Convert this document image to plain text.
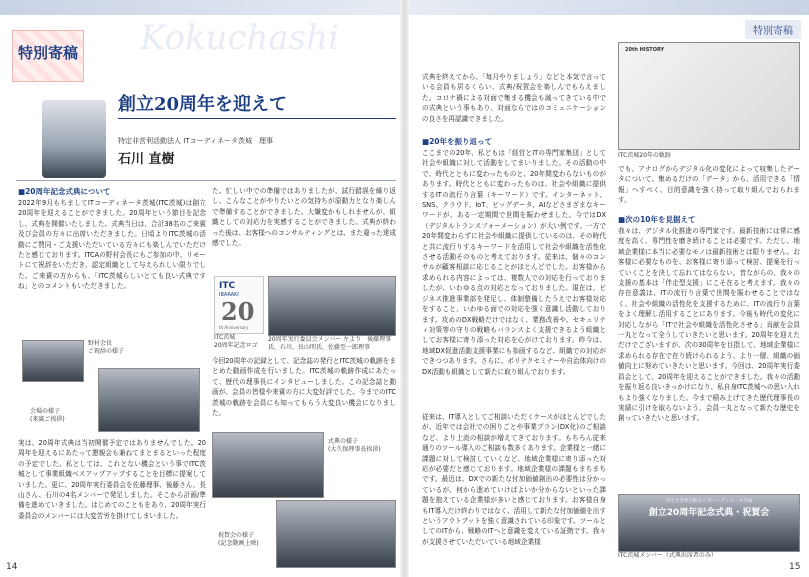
Kokuchashi
特別寄稿
特別寄稿
創立20周年を迎えて
特定非営利活動法人 ITコーディネータ茨城　理事
石川 直樹
■20周年記念式典について
2022年9月もちましてITコーディネータ茨城(ITC茨城)は創立20周年を迎えることができました。20周年という節目を記念し、式典を開催いたしました。式典当日は、合計38名のご来賓及び会員の方々に出席いただきました。日頃よりITC茨城の活動にご賛同・ご支援いただいている方々にも楽しんでいただけたと感じております。ITCAの野村会長にもご参加の中、リモートにて祝辞をいただき、認定組織として与えられしい限りでした。ご来賓の方からも、「ITC茨城らしいとても良い式典ですね」とのコメントもいただきました。
野村会長
ご祝辞の様子
会場の様子
(来賓ご挨拶)
実は、20周年式典は当初開催予定ではありませんでした。20周年を迎えるにあたって懇親会も兼ねてまとまるといった程度の予定でした。私としては、これとない機会という事でITC茨城として事業組織ベスアップアップすることを目標に提案していました。更に、20周年実行委員会を佐藤理事、後藤さん、長山さん、石川の4名メンバーで発足しました。そこから計画/準備を進めていきました。はじめてのこともをあり、20周年実行委員会のメンバーには大変苦労を掛けてしまいました。
た。忙しい中での準備ではありましたが、試行錯誤を繰り返し、こんなことがやりたいとの気持ちが原動力となり楽しんで準備することができました。大嫌変かもしれませんが、組織としての対応力を実感することができました。式典が終わった後は、お客様へのコンサルティングとは、また違った達成感でした。
ITC
IBARAKI
20
th Anniversary
ITC茨城
20周年記念ロゴ
20周年実行委員会メンバー 左より　後藤理事氏、石川、長山明氏、佐藤至一郎理事
今回20周年の記録として、記念誌の発行とITC茨城の軌跡をまとめた動画作成を行いました。ITC茨城の軌跡作成にあたって、歴代の理事長にインタビューしました。この記念誌と動画が、会員の皆様や来賓の方に大変好評でした。今までのITC茨城の軌跡を会員にも知ってもらう大変良い機会になりました。
式典の様子
(大久保理事長挨拶)
祝賀会の様子
(記念動画上映)
14
式典を終えてから、「毎月やりましょう」などと本気で言っている会員も居るくらい、式典/祝賀会を楽しんでもらえました。コロナ禍による対面で集まる機会も減ってきている中での式典という事もあり、対面ならではのコミュニケーションの良さを再認識できました。
■20年を振り返って
ここまでの20年、私どもは「経営とITの専門家集団」として社会や組織に対して活動をしてまいりました。その活動の中で、時代とともに変わったものと、20年間変わらないものがあります。時代とともに変わったものは、社会や組織に提供するITの流行り言葉（キーワード）です。インターネット、SNS、クラウド、IoT、ビッグデータ、AIなどさまざまなキーワードが、ある一定期間で世間を賑わせました。今ではDX（デジタルトランスフォーメーション）が大い例です。一方で20年間変わらずに社会や組織に提供しているのは、その時代と共に流行りするキーワードを活用して社会や組織を活性化させる活動そのものと考えております。従来は、個々のコンサルが顧客相談に応じることがほとんどでした。お客様から求められる内容によっては、複数人での対応を行っておりましたが、いわゆる点の対応となっておりました。現在は、ビジネス推進事業部を発足し、体制整備したうえでお客様対応をすること、いわゆる面での対応を強く意識し活動しております。攻めのDX戦略だけではなく、業務改善や、セキュリティ対策等の守りの戦略もバランスよく支援できるよう組織としてお客様に寄り添った対応を心がけております。昨今は、地域DX促進活動支援事業にも参画するなど、組織での対応ができつつあります。さらに、ポリテクセミナーや自治体向けのDX活動も組織として新たに取り組んでおります。
従来は、IT導入としてご相談いただくケースがほとんどでしたが、近年では会社での困りごとや事業プラン(DX化)のご相談など、より上流の相談が増えてきております。もちろん従来通りのツール導入のご相談も数多くあります。企業様と一緒に課題に対して検討していくなど、地域企業様に寄り添った対応が必要だと感じております。地域企業様の課題もまちまちです。最近は、DXでの新たな付加価値創出の必要性は分かっているが、何から進めていけばよいか分からないといった課題を抱えている企業様が多いと感じております。お客様自身もIT導入だけ終わりではなく、活用して新たな付加価値を出すというアウトプットを強く意識されている印象です。ツールとしてのITから、戦略のITへと意識を変えている証拠です。我々が支援させていただいている地域企業様
20th HISTORY
ITC茨城20年の軌跡
でも、アナログからデジタル化の変化によって収集したデータについて、集めるだけの「データ」から、活用できる「情報」へすべく、目的意識を強く持って取り組んでおられます。
■次の10年を見据えて
我々は、デジタル化推進の専門家です。最新技術には常に感度を高く、専門性を磨き続けることは必要です。ただし、地域企業様に本当に必要なモノは最新技術とは限りません。お客様に必要なものを、お客様に寄り添って検討、提案を行っていくことを決して忘れてはならない。昔ながらの、我々の支援の基本は「伴走型支援」にこそ在ると考えます。我々の存在意義は、ITの流行り言葉で世間を賑わせることではなく、社会や組織の活性化を支援するために、ITの流行り言葉をよく理解し活用することにあります。今後も時代の変化に対応しながら「ITで社会や組織を活性化させる」貢献を会員一丸となって全うしていきたいと思います。20周年を迎えただけでございますが、次の30周年を目指して、地域企業様に求められる存在で在り続けられるよう、より一層、組織の価値向上に努めていきたいと思います。今回は、20周年実行委員会として、20周年を迎えることができました。我々の活動を振り返る良いきっかけになり、私自身ITC茨城への思い入れもより強くなりました。今まで積み上げてきた歴代理事長の実績に引けを取らないよう、会員一丸となって新たな歴史を創っていきたいと思います。
特定非営利活動法人 ITコーディネータ茨城
創立20周年記念式典・祝賀会
ITC茨城メンバー（式典出席者のみ）
15
